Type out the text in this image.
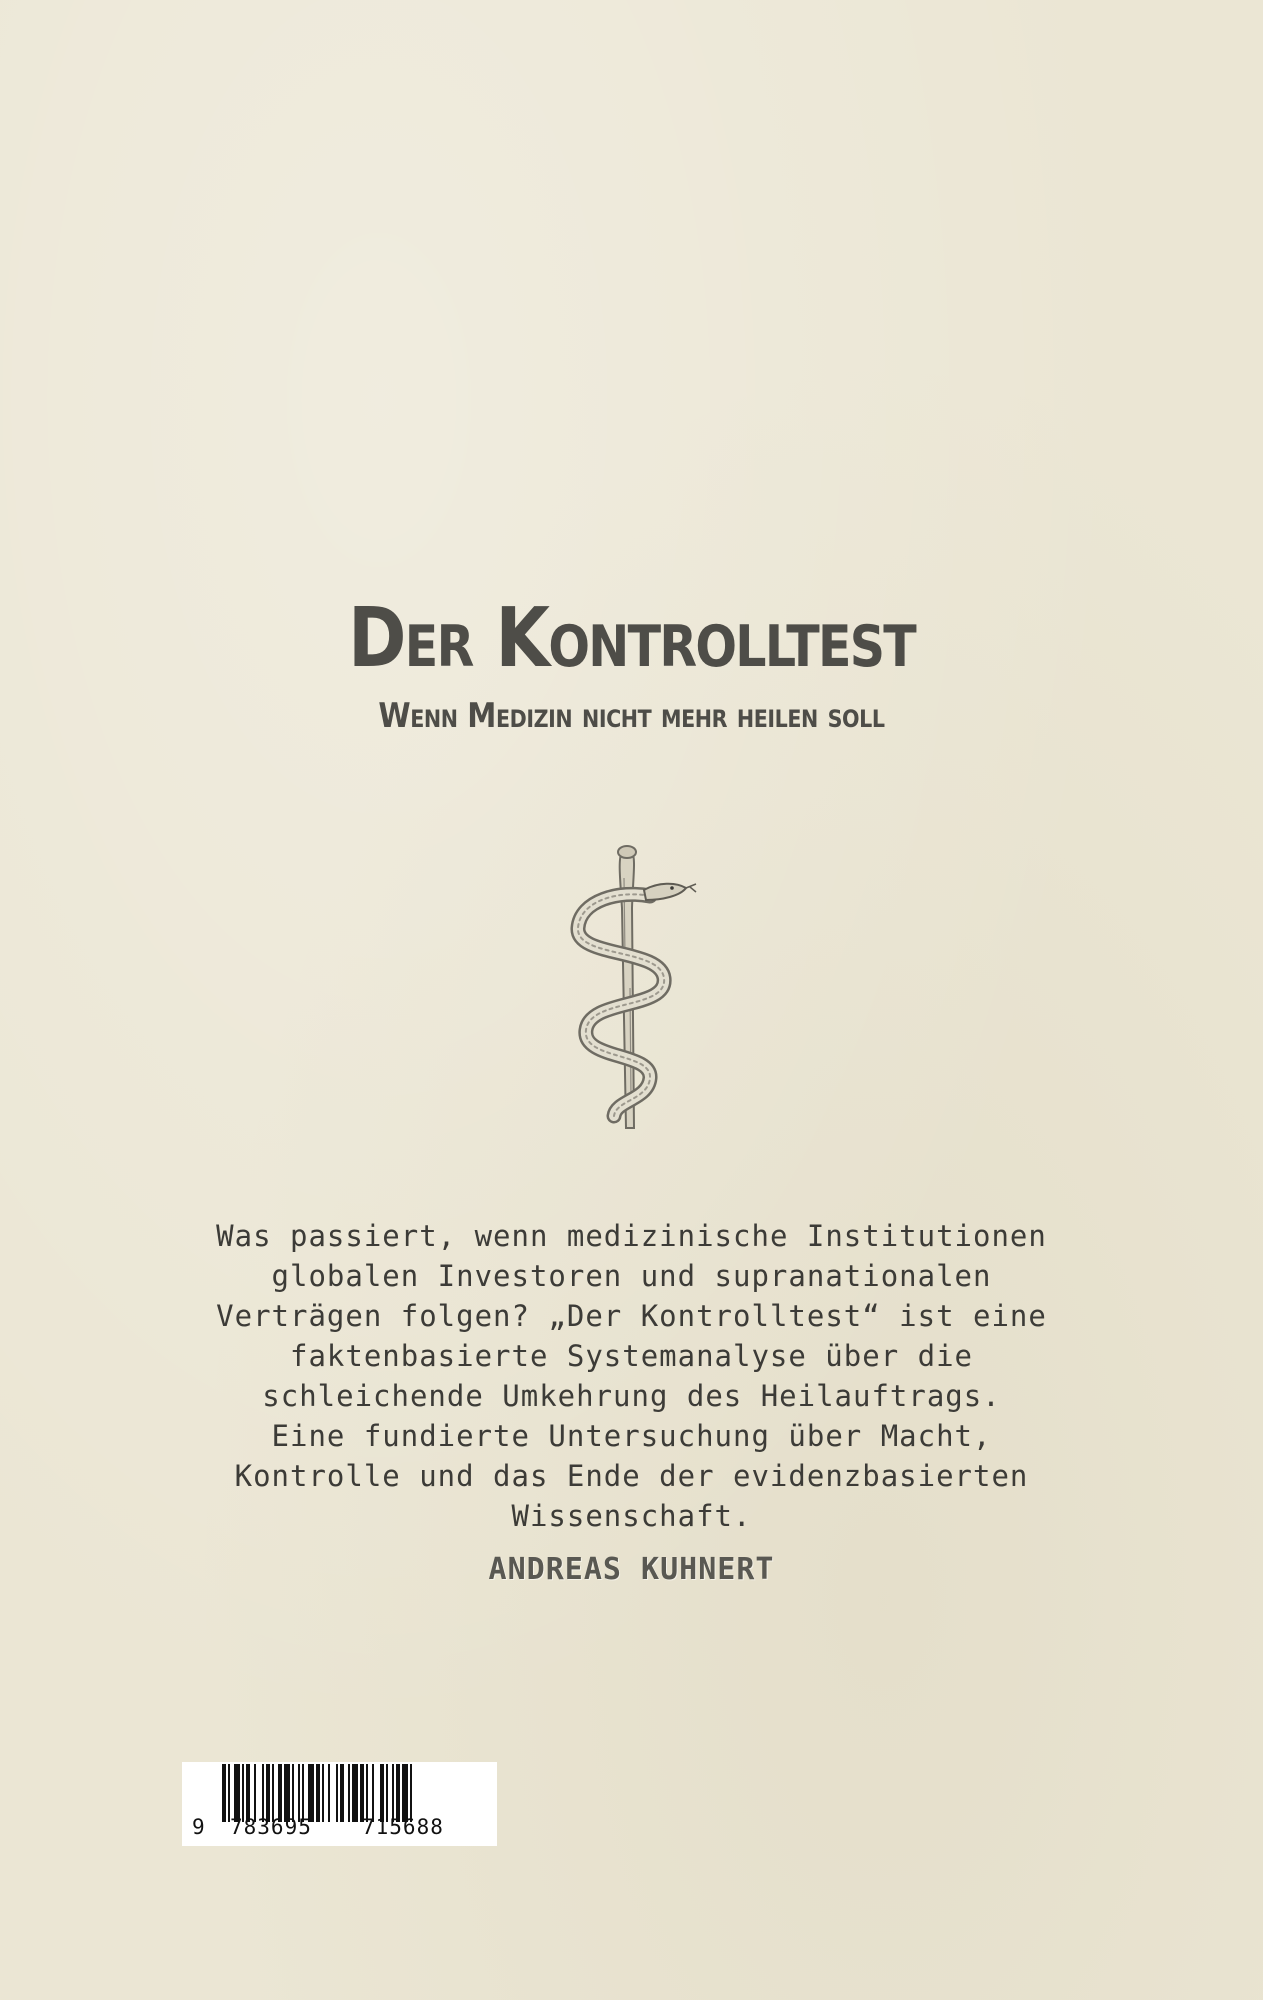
Der Kontrolltest

Wenn Medizin nicht mehr heilen soll

Was passiert, wenn medizinische Institutionen
globalen Investoren und supranationalen
Verträgen folgen? „Der Kontrolltest“ ist eine
faktenbasierte Systemanalyse über die
schleichende Umkehrung des Heilauftrags.
Eine fundierte Untersuchung über Macht,
Kontrolle und das Ende der evidenzbasierten
Wissenschaft.
ANDREAS KUHNERT
9 783695 715688
